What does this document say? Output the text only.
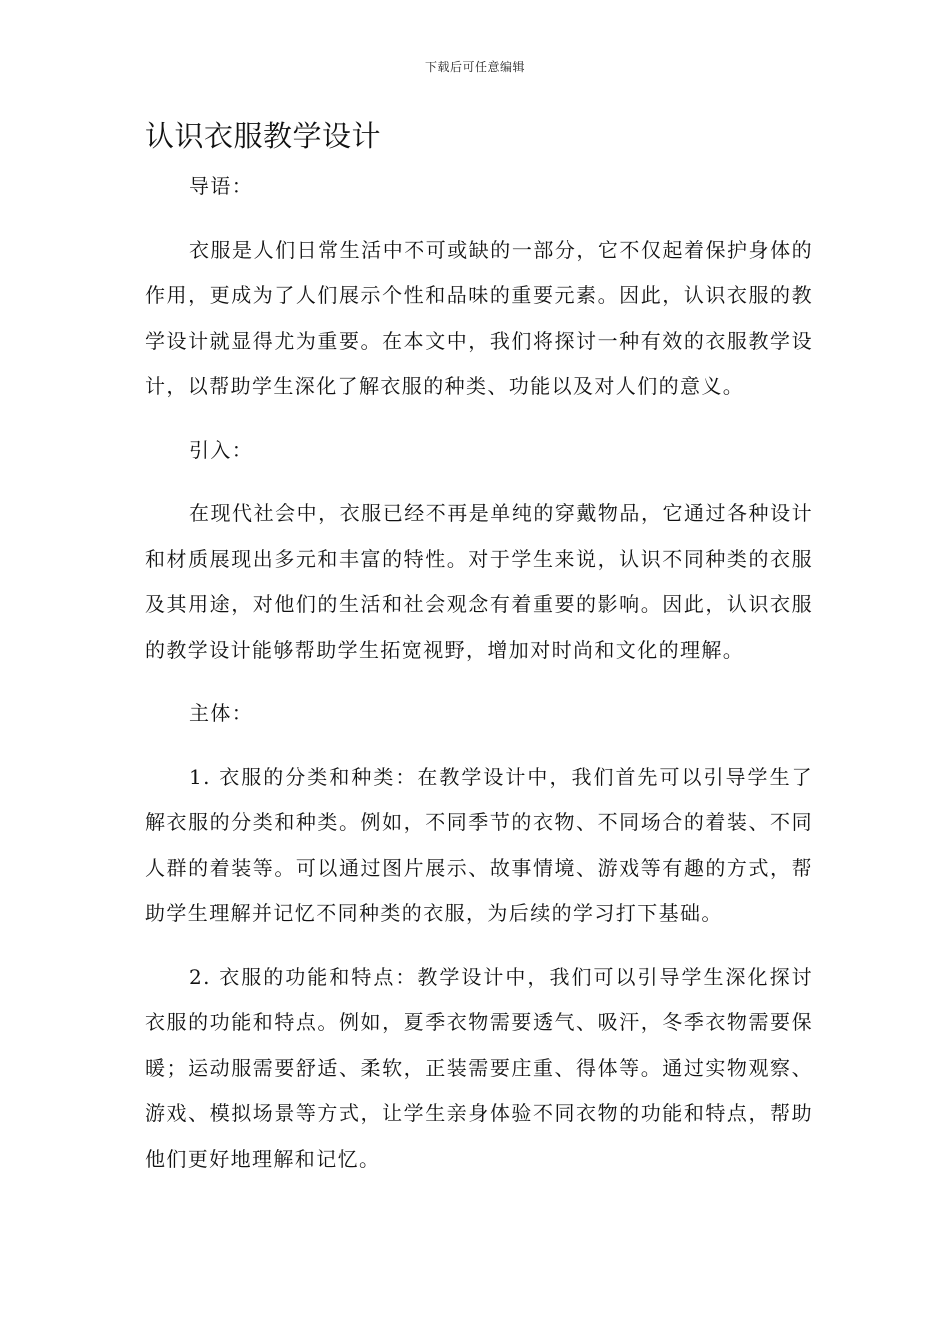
下载后可任意编辑
认识衣服教学设计

导语：

衣服是人们日常生活中不可或缺的一部分，它不仅起着保护身体的作用，更成为了人们展示个性和品味的重要元素。因此，认识衣服的教学设计就显得尤为重要。在本文中，我们将探讨一种有效的衣服教学设计，以帮助学生深化了解衣服的种类、功能以及对人们的意义。

引入：

在现代社会中，衣服已经不再是单纯的穿戴物品，它通过各种设计和材质展现出多元和丰富的特性。对于学生来说，认识不同种类的衣服及其用途，对他们的生活和社会观念有着重要的影响。因此，认识衣服的教学设计能够帮助学生拓宽视野，增加对时尚和文化的理解。

主体：

1. 衣服的分类和种类：在教学设计中，我们首先可以引导学生了解衣服的分类和种类。例如，不同季节的衣物、不同场合的着装、不同人群的着装等。可以通过图片展示、故事情境、游戏等有趣的方式，帮助学生理解并记忆不同种类的衣服，为后续的学习打下基础。

2. 衣服的功能和特点：教学设计中，我们可以引导学生深化探讨衣服的功能和特点。例如，夏季衣物需要透气、吸汗，冬季衣物需要保暖；运动服需要舒适、柔软，正装需要庄重、得体等。通过实物观察、游戏、模拟场景等方式，让学生亲身体验不同衣物的功能和特点，帮助他们更好地理解和记忆。
